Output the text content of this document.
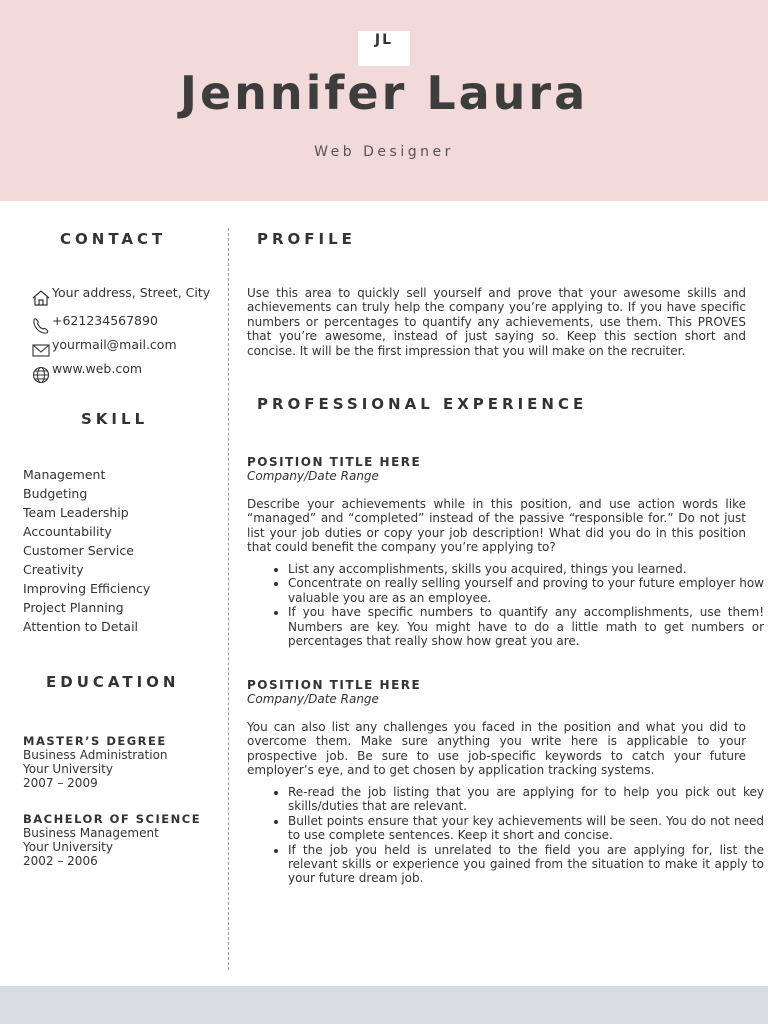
JL
Jennifer Laura
Web Designer
CONTACT
Your address, Street, City
+621234567890
yourmail@mail.com
www.web.com
SKILL
Management
Budgeting
Team Leadership
Accountability
Customer Service
Creativity
Improving Efficiency
Project Planning
Attention to Detail
EDUCATION
MASTER’S DEGREE
Business Administration
Your University
2007 – 2009
BACHELOR OF SCIENCE
Business Management
Your University
2002 – 2006
PROFILE

Use this area to quickly sell yourself and prove that your awesome skills and achievements can truly help the company you’re applying to. If you have specific numbers or percentages to quantify any achievements, use them. This PROVES that you’re awesome, instead of just saying so. Keep this section short and concise. It will be the first impression that you will make on the recruiter.

PROFESSIONAL EXPERIENCE
POSITION TITLE HERE
Company/Date Range

Describe your achievements while in this position, and use action words like “managed” and “completed” instead of the passive “responsible for.” Do not just list your job duties or copy your job description! What did you do in this position that could benefit the company you’re applying to?

• List any accomplishments, skills you acquired, things you learned.
• Concentrate on really selling yourself and proving to your future employer how valuable you are as an employee.
• If you have specific numbers to quantify any accomplishments, use them! Numbers are key. You might have to do a little math to get numbers or percentages that really show how great you are.
POSITION TITLE HERE
Company/Date Range

You can also list any challenges you faced in the position and what you did to overcome them. Make sure anything you write here is applicable to your prospective job. Be sure to use job-specific keywords to catch your future employer’s eye, and to get chosen by application tracking systems.

• Re-read the job listing that you are applying for to help you pick out key skills/duties that are relevant.
• Bullet points ensure that your key achievements will be seen. You do not need to use complete sentences. Keep it short and concise.
• If the job you held is unrelated to the field you are applying for, list the relevant skills or experience you gained from the situation to make it apply to your future dream job.
